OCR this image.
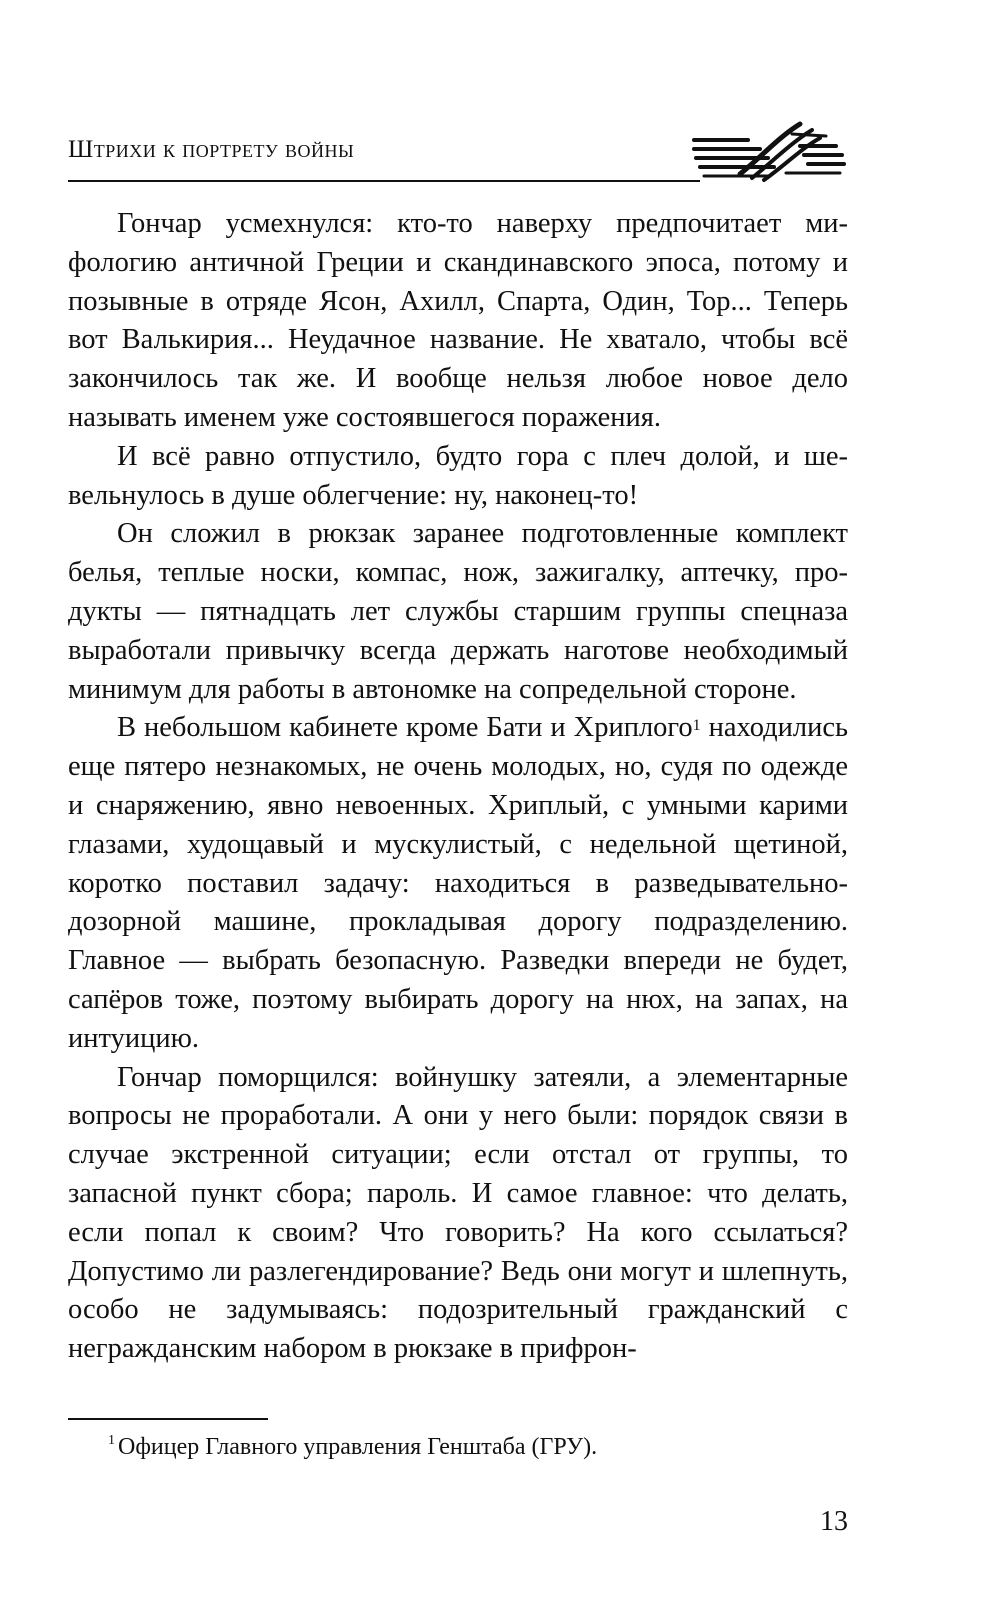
Штрихи к портрету войны

Гончар усмехнулся: кто-то наверху предпочитает мифологию античной Греции и скандинавского эпоса, потому и позывные в отряде Ясон, Ахилл, Спарта, Один, Тор... Теперь вот Валькирия... Неудачное название. Не хватало, чтобы всё закончилось так же. И вообще нельзя любое новое дело называть именем уже состоявшегося поражения.

И всё равно отпустило, будто гора с плеч долой, и шевельнулось в душе облегчение: ну, наконец-то!

Он сложил в рюкзак заранее подготовленные комплект белья, теплые носки, компас, нож, зажигалку, аптечку, продукты — пятнадцать лет службы старшим группы спецназа выработали привычку всегда держать наготове необходимый минимум для работы в автономке на сопредельной стороне.

В небольшом кабинете кроме Бати и Хриплого$^1$ находились еще пятеро незнакомых, не очень молодых, но, судя по одежде и снаряжению, явно невоенных. Хриплый, с умными карими глазами, худощавый и мускулистый, с недельной щетиной, коротко поставил задачу: находиться в разведывательно-дозорной машине, прокладывая дорогу подразделению. Главное — выбрать безопасную. Разведки впереди не будет, сапёров тоже, поэтому выбирать дорогу на нюх, на запах, на интуицию.

Гончар поморщился: войнушку затеяли, а элементарные вопросы не проработали. А они у него были: порядок связи в случае экстренной ситуации; если отстал от группы, то запасной пункт сбора; пароль. И самое главное: что делать, если попал к своим? Что говорить? На кого ссылаться? Допустимо ли разлегендирование? Ведь они могут и шлепнуть, особо не задумываясь: подозрительный гражданский с негражданским набором в рюкзаке в прифрон-

$^1$ Офицер Главного управления Генштаба (ГРУ).
13
